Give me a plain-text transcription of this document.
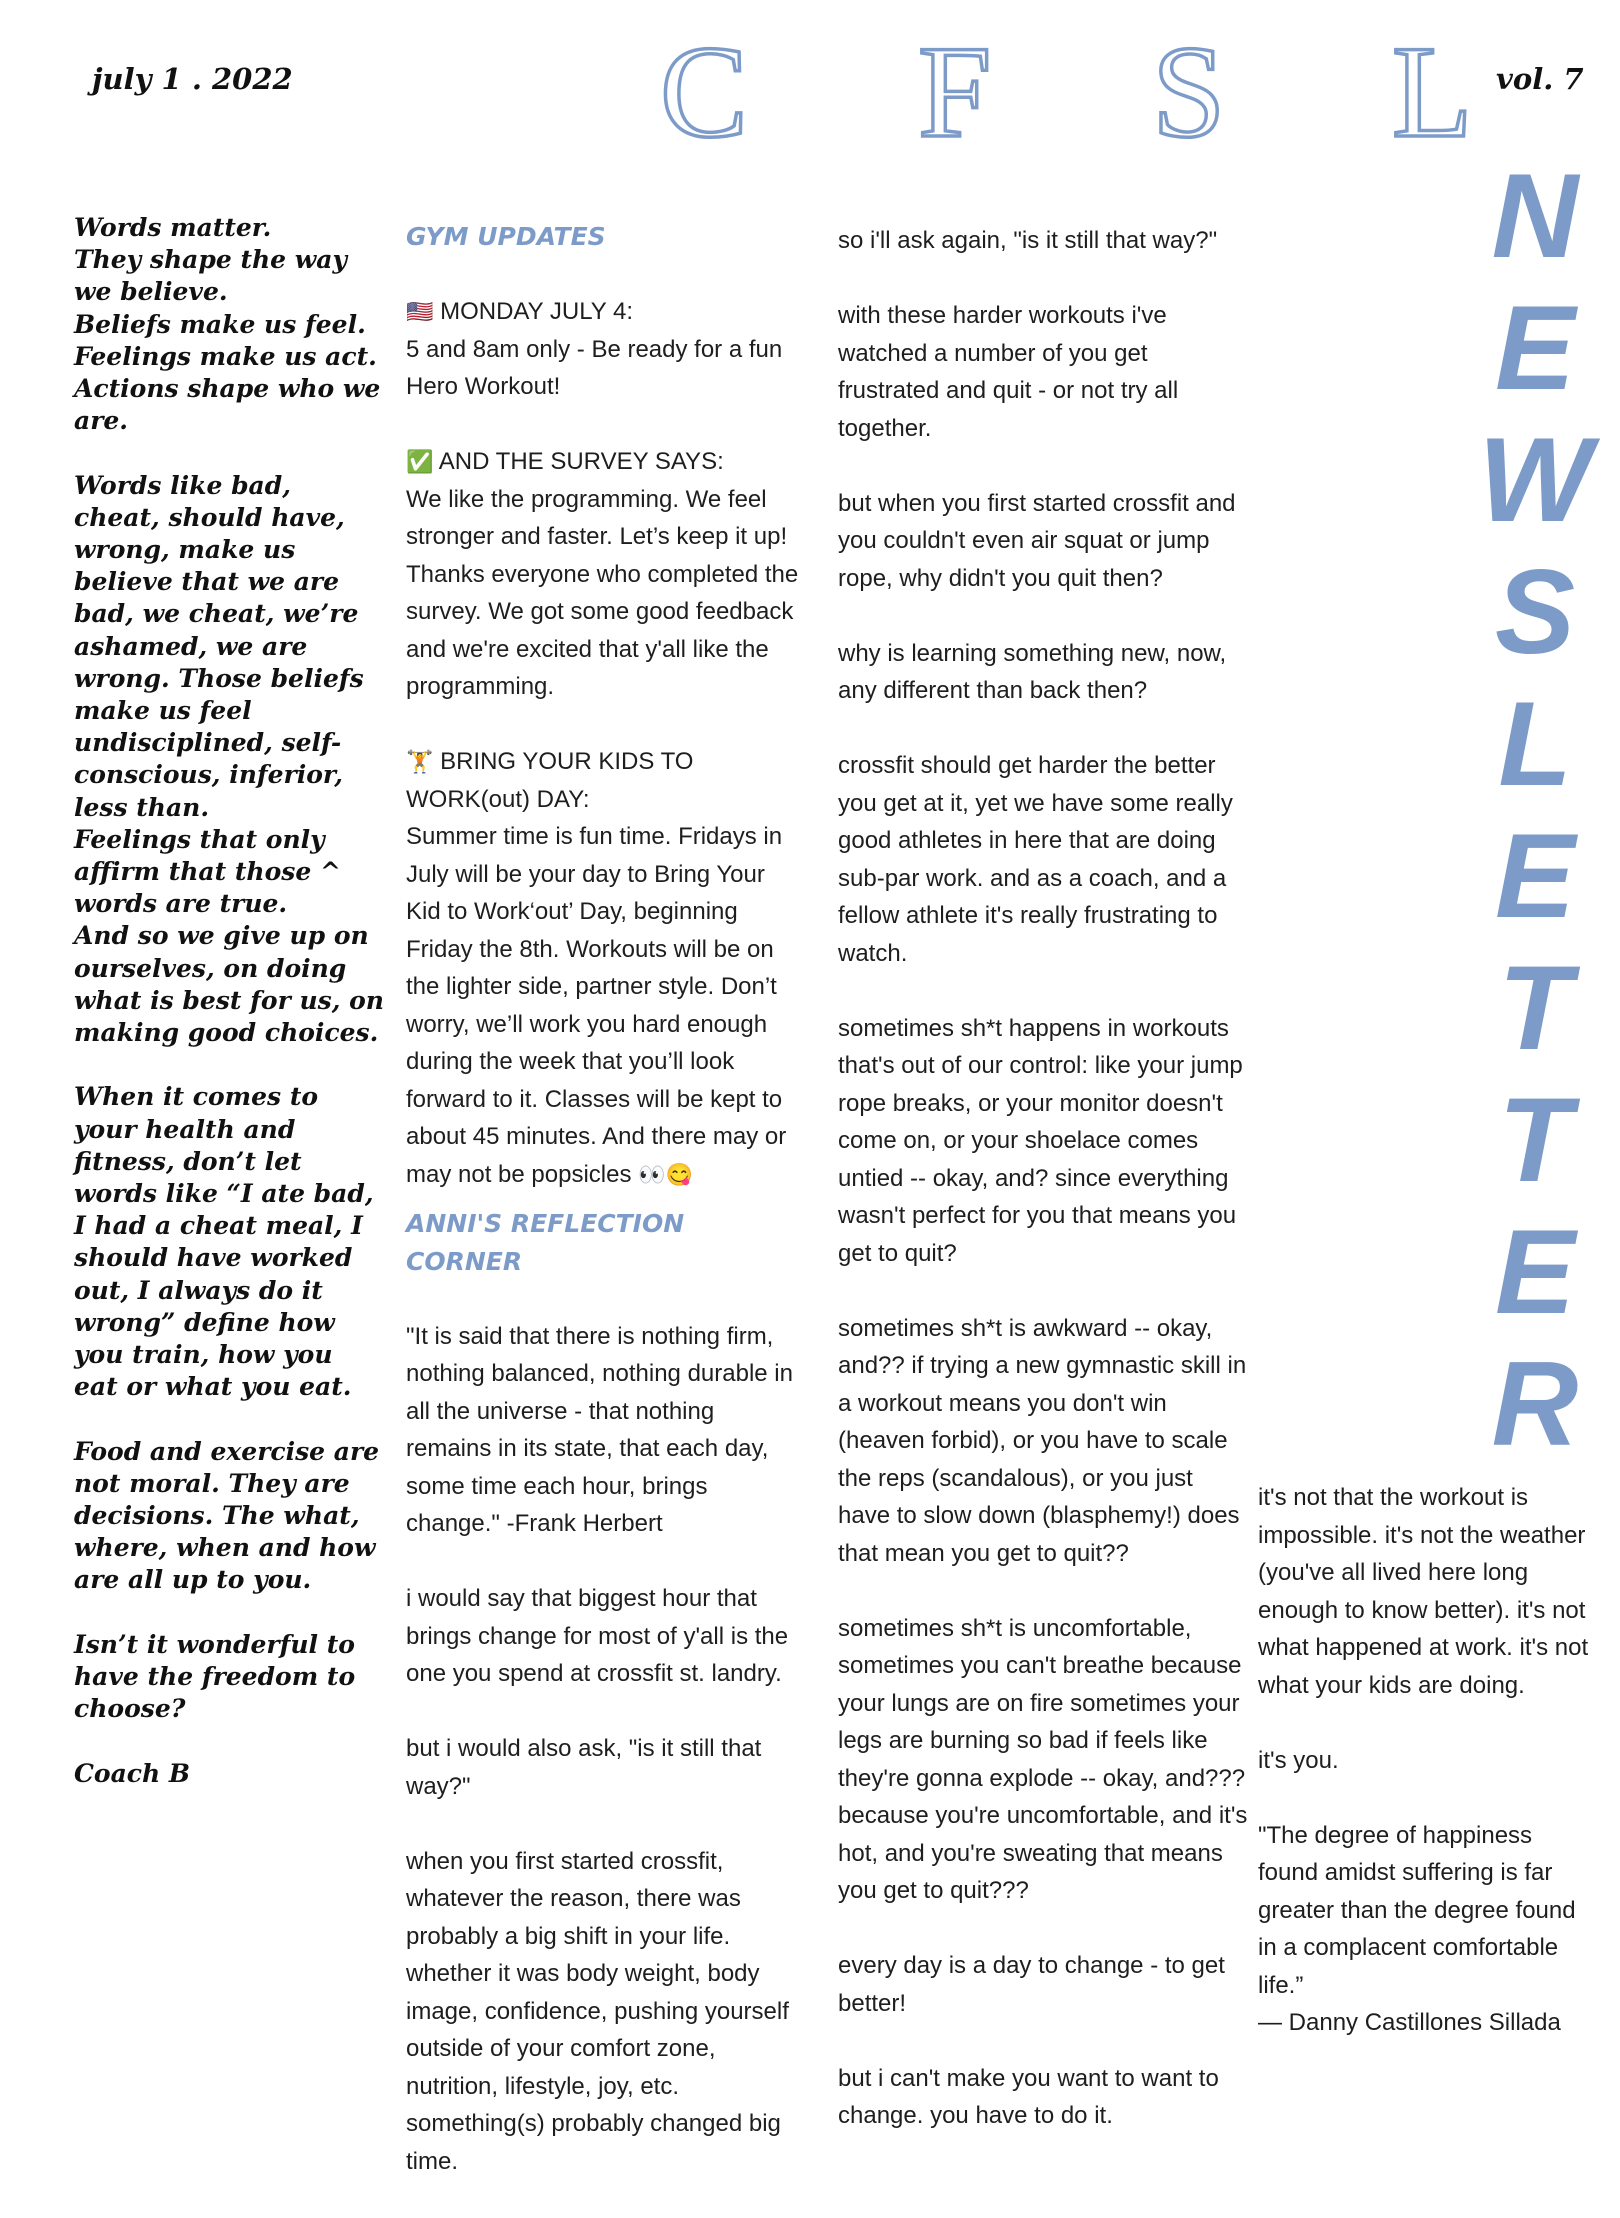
july 1 . 2022	vol. 7
C F S L
N
E
W
S
L
E
T
T
E
R

Words matter.
They shape the way we believe.
Beliefs make us feel.
Feelings make us act.
Actions shape who we are.

Words like bad, cheat, should have, wrong, make us believe that we are bad, we cheat, we’re ashamed, we are wrong. Those beliefs make us feel undisciplined, self-conscious, inferior, less than.
Feelings that only affirm that those ^ words are true.
And so we give up on ourselves, on doing what is best for us, on making good choices.

When it comes to your health and fitness, don’t let words like “I ate bad, I had a cheat meal, I should have worked out, I always do it wrong” define how you train, how you eat or what you eat.

Food and exercise are not moral. They are decisions. The what, where, when and how are all up to you.

Isn’t it wonderful to have the freedom to choose?

Coach B

GYM UPDATES

🇺🇸 MONDAY JULY 4:
5 and 8am only - Be ready for a fun Hero Workout!

✅ AND THE SURVEY SAYS:
We like the programming. We feel stronger and faster. Let’s keep it up! Thanks everyone who completed the survey. We got some good feedback and we're excited that y'all like the programming.

🏋 BRING YOUR KIDS TO WORK(out) DAY:
Summer time is fun time. Fridays in July will be your day to Bring Your Kid to Work‘out’ Day, beginning Friday the 8th. Workouts will be on the lighter side, partner style. Don’t worry, we’ll work you hard enough during the week that you’ll look forward to it. Classes will be kept to about 45 minutes. And there may or may not be popsicles 👀😋

ANNI'S REFLECTION CORNER

"It is said that there is nothing firm, nothing balanced, nothing durable in all the universe - that nothing remains in its state, that each day, some time each hour, brings change." -Frank Herbert

i would say that biggest hour that brings change for most of y'all is the one you spend at crossfit st. landry.

but i would also ask, "is it still that way?"

when you first started crossfit, whatever the reason, there was probably a big shift in your life. whether it was body weight, body image, confidence, pushing yourself outside of your comfort zone, nutrition, lifestyle, joy, etc. something(s) probably changed big time.

so i'll ask again, "is it still that way?"

with these harder workouts i've watched a number of you get frustrated and quit - or not try all together.

but when you first started crossfit and you couldn't even air squat or jump rope, why didn't you quit then?

why is learning something new, now, any different than back then?

crossfit should get harder the better you get at it, yet we have some really good athletes in here that are doing sub-par work. and as a coach, and a fellow athlete it's really frustrating to watch.

sometimes sh*t happens in workouts that's out of our control: like your jump rope breaks, or your monitor doesn't come on, or your shoelace comes untied -- okay, and? since everything wasn't perfect for you that means you get to quit?

sometimes sh*t is awkward -- okay, and?? if trying a new gymnastic skill in a workout means you don't win (heaven forbid), or you have to scale the reps (scandalous), or you just have to slow down (blasphemy!) does that mean you get to quit??

sometimes sh*t is uncomfortable, sometimes you can't breathe because your lungs are on fire sometimes your legs are burning so bad if feels like they're gonna explode -- okay, and??? because you're uncomfortable, and it's hot, and you're sweating that means you get to quit???

every day is a day to change - to get better!

but i can't make you want to want to change. you have to do it.

it's not that the workout is impossible. it's not the weather (you've all lived here long enough to know better). it's not what happened at work. it's not what your kids are doing.

it's you.

"The degree of happiness found amidst suffering is far greater than the degree found in a complacent comfortable life.”
— Danny Castillones Sillada
